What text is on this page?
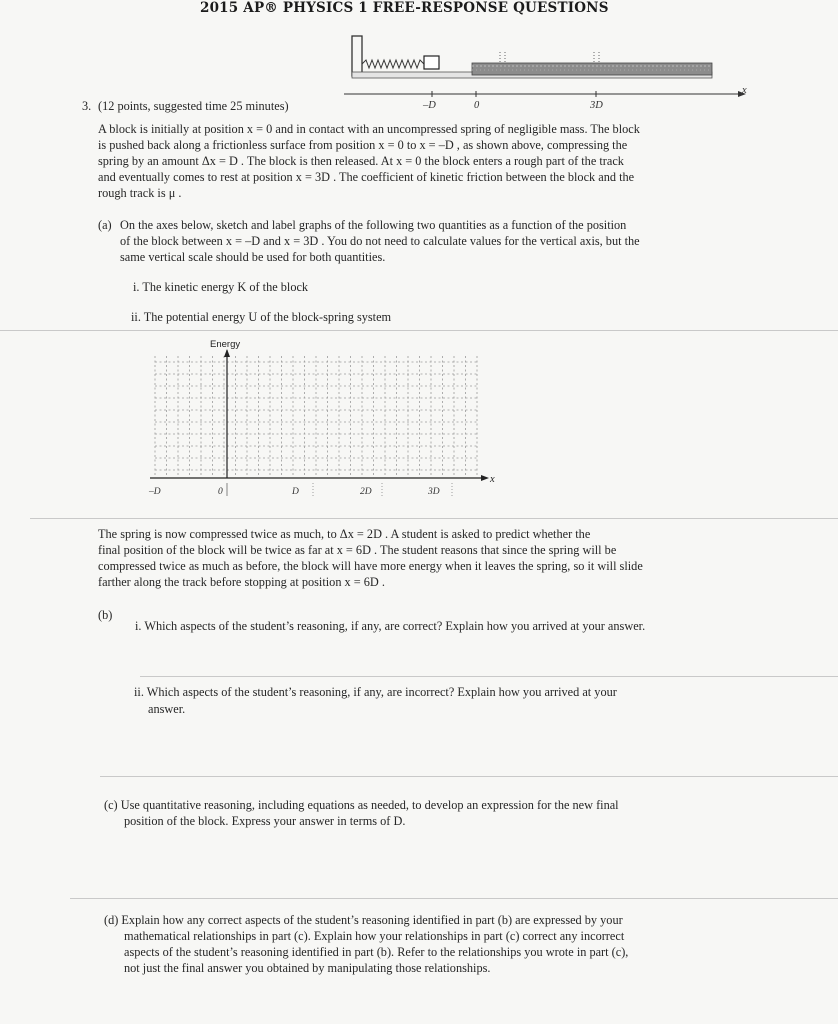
2015 AP® PHYSICS 1 FREE-RESPONSE QUESTIONS
–D	0	3D
x
3. (12 points, suggested time 25 minutes)
A block is initially at position x = 0 and in contact with an uncompressed spring of negligible mass. The block
is pushed back along a frictionless surface from position x = 0 to x = –D , as shown above, compressing the
spring by an amount Δx = D . The block is then released. At x = 0 the block enters a rough part of the track
and eventually comes to rest at position x = 3D . The coefficient of kinetic friction between the block and the
rough track is μ .
(a) On the axes below, sketch and label graphs of the following two quantities as a function of the position
of the block between x = –D and x = 3D . You do not need to calculate values for the vertical axis, but the
same vertical scale should be used for both quantities.
i. The kinetic energy K of the block
ii. The potential energy U of the block-spring system
Energy
x
–D	0	D	2D	3D
The spring is now compressed twice as much, to Δx = 2D . A student is asked to predict whether the
final position of the block will be twice as far at x = 6D . The student reasons that since the spring will be
compressed twice as much as before, the block will have more energy when it leaves the spring, so it will slide
farther along the track before stopping at position x = 6D .
(b)
i. Which aspects of the student’s reasoning, if any, are correct? Explain how you arrived at your answer.
ii. Which aspects of the student’s reasoning, if any, are incorrect? Explain how you arrived at your
answer.
(c) Use quantitative reasoning, including equations as needed, to develop an expression for the new final
position of the block. Express your answer in terms of D.
(d) Explain how any correct aspects of the student’s reasoning identified in part (b) are expressed by your
mathematical relationships in part (c). Explain how your relationships in part (c) correct any incorrect
aspects of the student’s reasoning identified in part (b). Refer to the relationships you wrote in part (c),
not just the final answer you obtained by manipulating those relationships.
